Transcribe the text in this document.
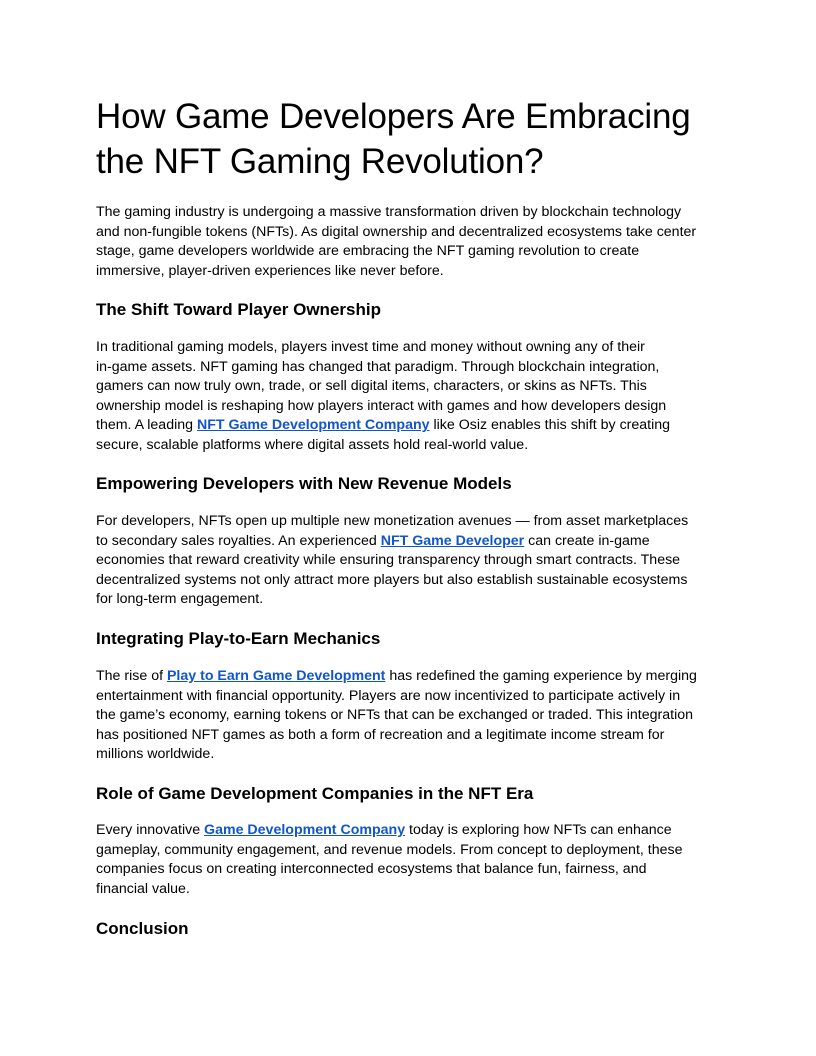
How Game Developers Are Embracing
the NFT Gaming Revolution?

The gaming industry is undergoing a massive transformation driven by blockchain technology
and non-fungible tokens (NFTs). As digital ownership and decentralized ecosystems take center
stage, game developers worldwide are embracing the NFT gaming revolution to create
immersive, player-driven experiences like never before.

The Shift Toward Player Ownership

In traditional gaming models, players invest time and money without owning any of their
in-game assets. NFT gaming has changed that paradigm. Through blockchain integration,
gamers can now truly own, trade, or sell digital items, characters, or skins as NFTs. This
ownership model is reshaping how players interact with games and how developers design
them. A leading NFT Game Development Company like Osiz enables this shift by creating
secure, scalable platforms where digital assets hold real-world value.

Empowering Developers with New Revenue Models

For developers, NFTs open up multiple new monetization avenues — from asset marketplaces
to secondary sales royalties. An experienced NFT Game Developer can create in-game
economies that reward creativity while ensuring transparency through smart contracts. These
decentralized systems not only attract more players but also establish sustainable ecosystems
for long-term engagement.

Integrating Play-to-Earn Mechanics

The rise of Play to Earn Game Development has redefined the gaming experience by merging
entertainment with financial opportunity. Players are now incentivized to participate actively in
the game’s economy, earning tokens or NFTs that can be exchanged or traded. This integration
has positioned NFT games as both a form of recreation and a legitimate income stream for
millions worldwide.

Role of Game Development Companies in the NFT Era

Every innovative Game Development Company today is exploring how NFTs can enhance
gameplay, community engagement, and revenue models. From concept to deployment, these
companies focus on creating interconnected ecosystems that balance fun, fairness, and
financial value.

Conclusion
